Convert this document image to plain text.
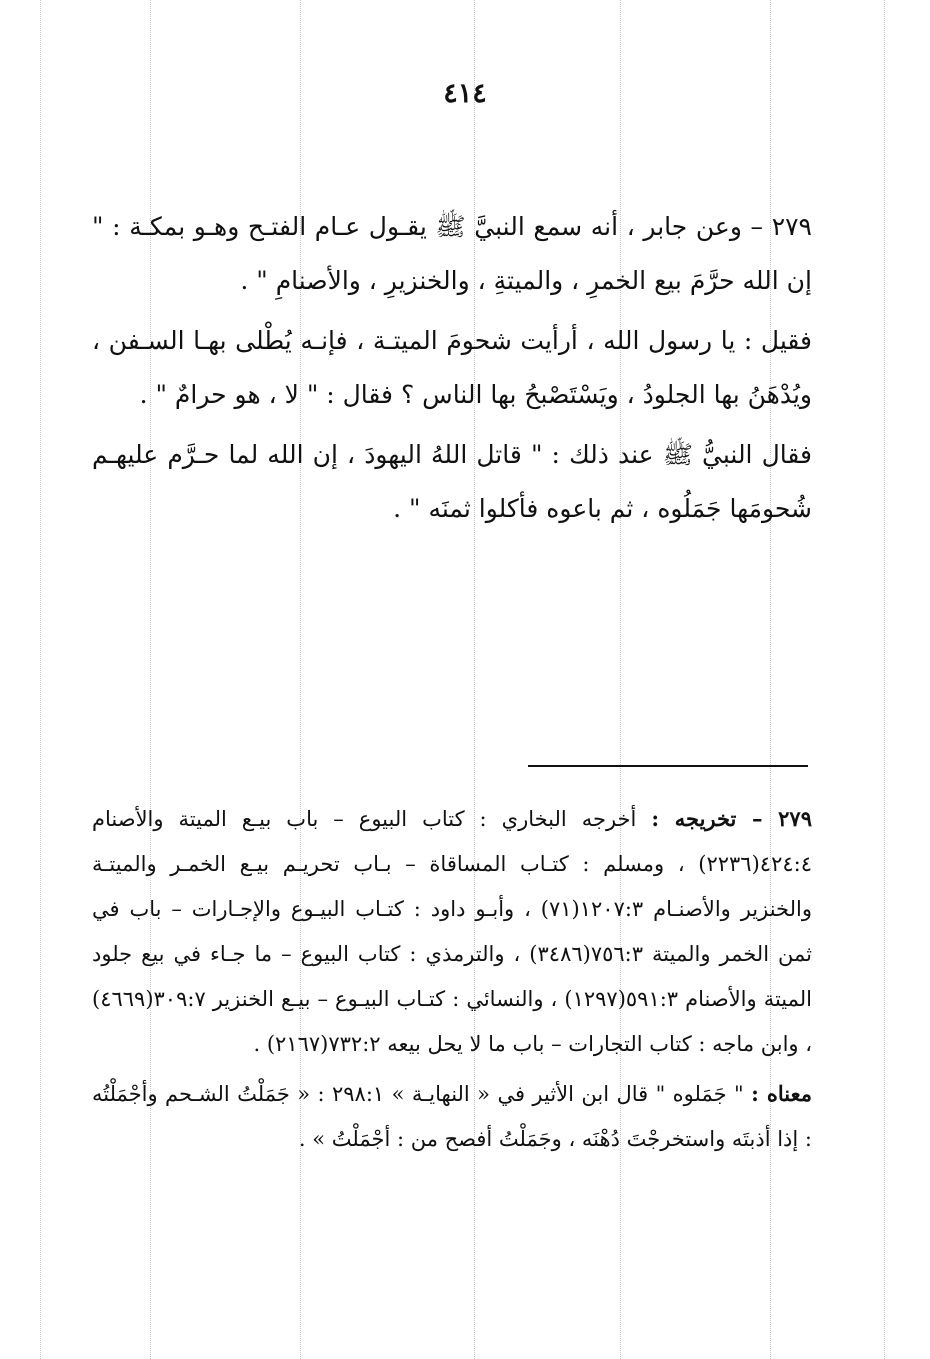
٤١٤

٢٧٩ – وعن جابر ، أنه سمع النبيَّ ﷺ يقـول عـام الفتـح وهـو بمكـة : " إن الله حرَّمَ بيع الخمرِ ، والميتةِ ، والخنزيرِ ، والأصنامِ " .

فقيل : يا رسول الله ، أرأيت شحومَ الميتـة ، فإنـه يُطْلى بهـا السـفن ، ويُدْهَنُ بها الجلودُ ، ويَسْتَصْبحُ بها الناس ؟ فقال : " لا ، هو حرامٌ " .

فقال النبيُّ ﷺ عند ذلك : " قاتل اللهُ اليهودَ ، إن الله لما حـرَّم عليهـم شُحومَها جَمَلُوه ، ثم باعوه فأكلوا ثمنَه " .

٢٧٩ – تخريجه : أخرجه البخاري : كتاب البيوع – باب بيـع الميتة والأصنام ٤٢٤:٤(٢٢٣٦) ، ومسلم : كتـاب المساقاة – بـاب تحريـم بيـع الخمـر والميتـة والخنزير والأصنـام ١٢٠٧:٣(٧١) ، وأبـو داود : كتـاب البيـوع والإجـارات – باب في ثمن الخمر والميتة ٧٥٦:٣(٣٤٨٦) ، والترمذي : كتاب البيوع – ما جـاء في بيع جلود الميتة والأصنام ٥٩١:٣(١٢٩٧) ، والنسائي : كتـاب البيـوع – بيـع الخنزير ٣٠٩:٧(٤٦٦٩) ، وابن ماجه : كتاب التجارات – باب ما لا يحل بيعه ٧٣٢:٢(٢١٦٧) .

معناه : " جَمَلوه " قال ابن الأثير في « النهايـة » ٢٩٨:١ : « جَمَلْتُ الشـحم وأجْمَلْتُه : إذا أذبتَه واستخرجْتَ دُهْنَه ، وجَمَلْتُ أفصح من : أجْمَلْتُ » .
